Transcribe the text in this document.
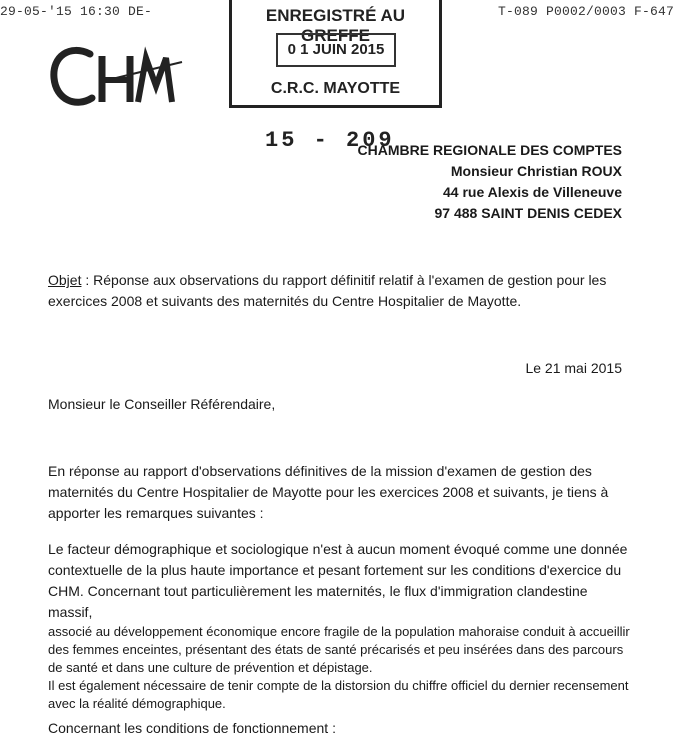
29-05-'15 16:30 DE-	T-089 P0002/0003 F-647
ENREGISTRÉ AU GREFFE
0 1 JUIN 2015
C.R.C. MAYOTTE
15 - 209
CHAMBRE REGIONALE DES COMPTES
Monsieur Christian ROUX
44 rue Alexis de Villeneuve
97 488 SAINT DENIS CEDEX
Objet : Réponse aux observations du rapport définitif relatif à l'examen de gestion pour les exercices 2008 et suivants des maternités du Centre Hospitalier de Mayotte.
Le 21 mai 2015
Monsieur le Conseiller Référendaire,
En réponse au rapport d'observations définitives de la mission d'examen de gestion des maternités du Centre Hospitalier de Mayotte pour les exercices 2008 et suivants, je tiens à apporter les remarques suivantes :
Le facteur démographique et sociologique n'est à aucun moment évoqué comme une donnée contextuelle de la plus haute importance et pesant fortement sur les conditions d'exercice du CHM. Concernant tout particulièrement les maternités, le flux d'immigration clandestine massif,
associé au développement économique encore fragile de la population mahoraise conduit à accueillir des femmes enceintes, présentant des états de santé précarisés et peu insérées dans des parcours de santé et dans une culture de prévention et dépistage.
Il est également nécessaire de tenir compte de la distorsion du chiffre officiel du dernier recensement avec la réalité démographique.
Concernant les conditions de fonctionnement :
